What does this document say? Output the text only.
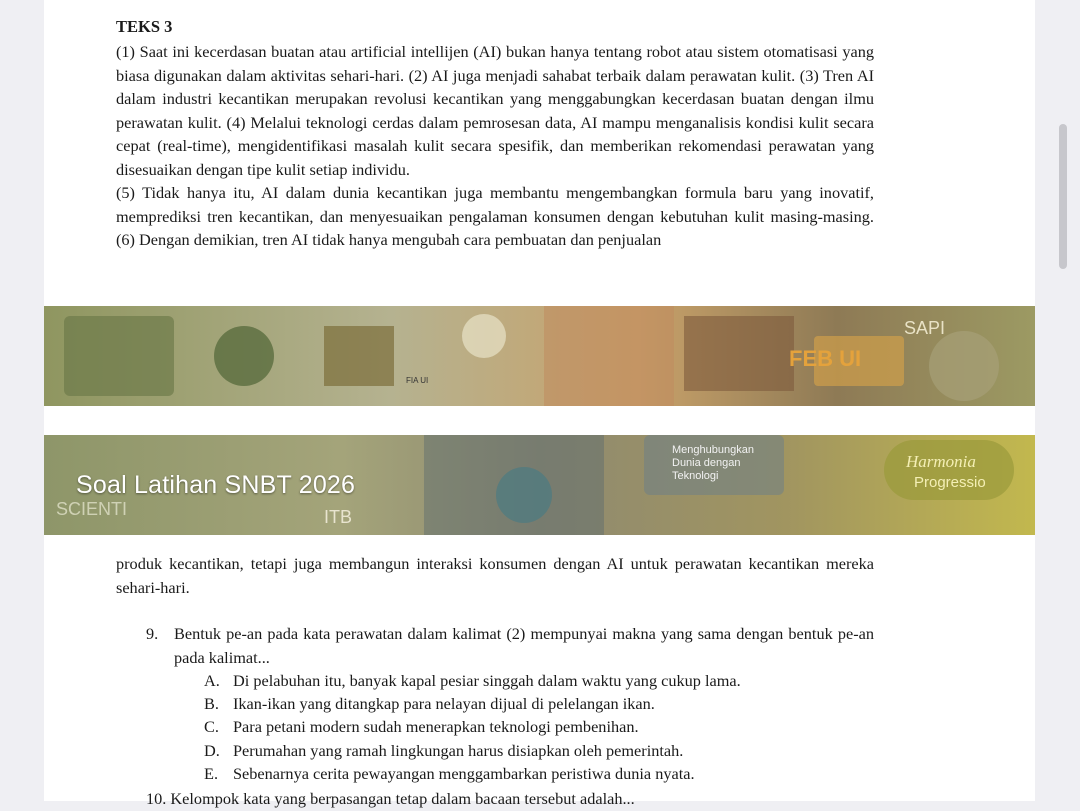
TEKS 3

(1) Saat ini kecerdasan buatan atau artificial intellijen (AI) bukan hanya tentang robot atau sistem otomatisasi yang biasa digunakan dalam aktivitas sehari-hari. (2) AI juga menjadi sahabat terbaik dalam perawatan kulit. (3) Tren AI dalam industri kecantikan merupakan revolusi kecantikan yang menggabungkan kecerdasan buatan dengan ilmu perawatan kulit. (4) Melalui teknologi cerdas dalam pemrosesan data, AI mampu menganalisis kondisi kulit secara cepat (real-time), mengidentifikasi masalah kulit secara spesifik, dan memberikan rekomendasi perawatan yang disesuaikan dengan tipe kulit setiap individu.

(5) Tidak hanya itu, AI dalam dunia kecantikan juga membantu mengembangkan formula baru yang inovatif, memprediksi tren kecantikan, dan menyesuaikan pengalaman konsumen dengan kebutuhan kulit masing-masing. (6) Dengan demikian, tren AI tidak hanya mengubah cara pembuatan dan penjualan

SAPI
FEB UI
FIA UI
SCIENTI	ITB
Menghubungkan
Dunia dengan
Teknologi
Harmonia
Progressio
Soal Latihan SNBT 2026

produk kecantikan, tetapi juga membangun interaksi konsumen dengan AI untuk perawatan kecantikan mereka sehari-hari.

9. Bentuk pe-an pada kata perawatan dalam kalimat (2) mempunyai makna yang sama dengan bentuk pe-an pada kalimat...

A. Di pelabuhan itu, banyak kapal pesiar singgah dalam waktu yang cukup lama.
B. Ikan-ikan yang ditangkap para nelayan dijual di pelelangan ikan.
C. Para petani modern sudah menerapkan teknologi pembenihan.
D. Perumahan yang ramah lingkungan harus disiapkan oleh pemerintah.
E. Sebenarnya cerita pewayangan menggambarkan peristiwa dunia nyata.
10. Kelompok kata yang berpasangan tetap dalam bacaan tersebut adalah...
